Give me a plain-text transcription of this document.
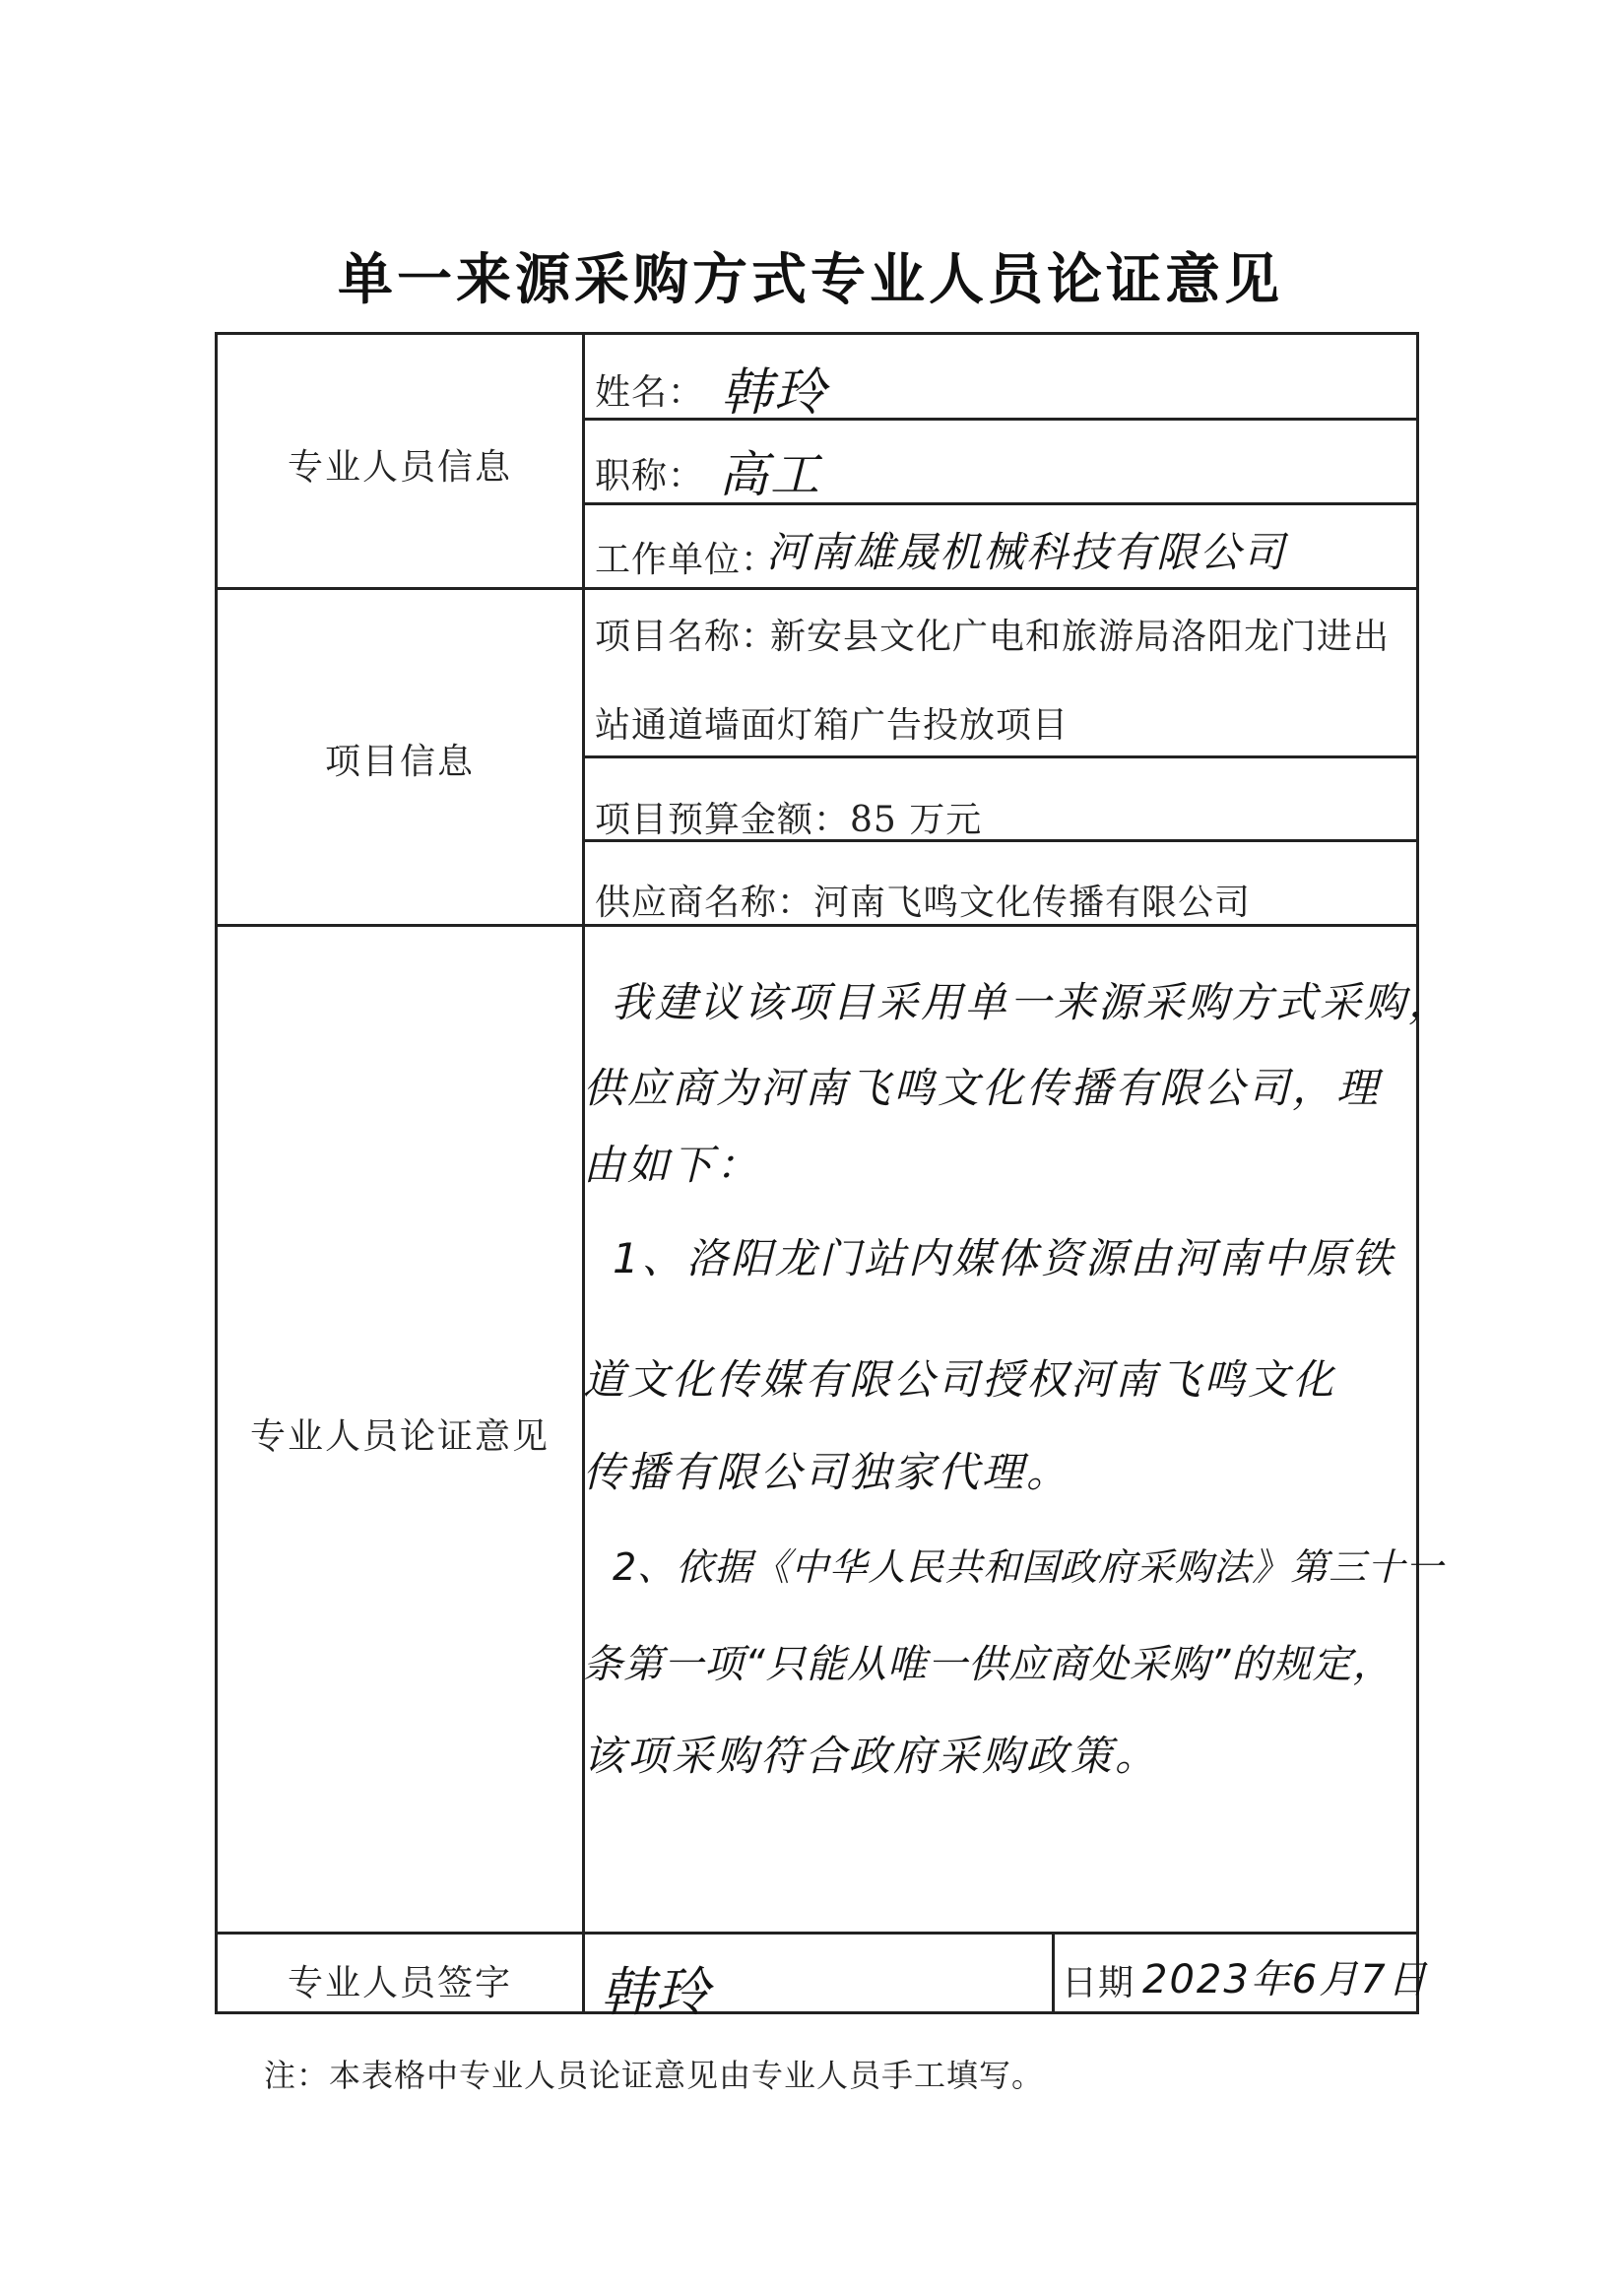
单一来源采购方式专业人员论证意见
专业人员信息
项目信息
专业人员论证意见
专业人员签字
姓名： 韩玲
职称： 高工
工作单位：
河南雄晟机械科技有限公司
项目名称：
新安县文化广电和旅游局洛阳龙门进出
站通道墙面灯箱广告投放项目
项目预算金额：85 万元
供应商名称：河南飞鸣文化传播有限公司
我建议该项目采用单一来源采购方式采购，
供应商为河南飞鸣文化传播有限公司，理
由如下：
1、洛阳龙门站内媒体资源由河南中原铁
道文化传媒有限公司授权河南飞鸣文化
传播有限公司独家代理。
2、依据《中华人民共和国政府采购法》第三十一
条第一项“只能从唯一供应商处采购”的规定，
该项采购符合政府采购政策。
韩玲	日期 2023年6月7日
注：本表格中专业人员论证意见由专业人员手工填写。
